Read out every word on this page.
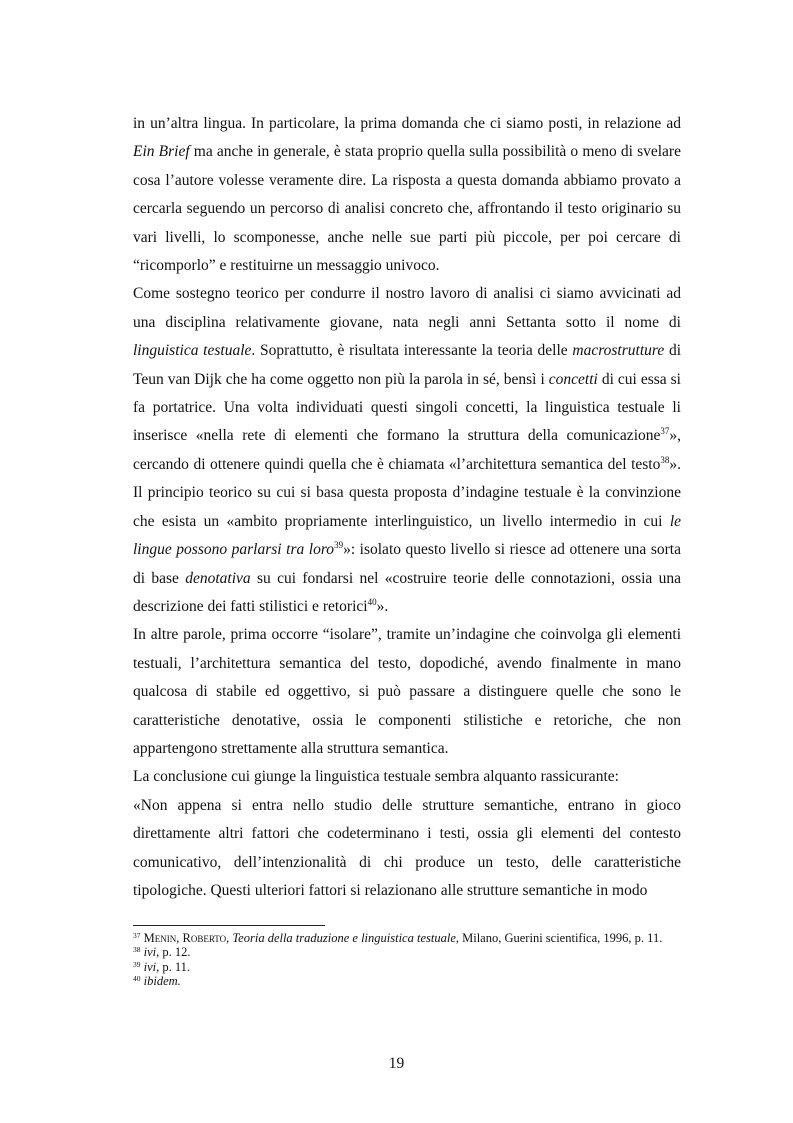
in un’altra lingua. In particolare, la prima domanda che ci siamo posti, in relazione ad Ein Brief ma anche in generale, è stata proprio quella sulla possibilità o meno di svelare cosa l’autore volesse veramente dire. La risposta a questa domanda abbiamo provato a cercarla seguendo un percorso di analisi concreto che, affrontando il testo originario su vari livelli, lo scomponesse, anche nelle sue parti più piccole, per poi cercare di “ricomporlo” e restituirne un messaggio univoco.

Come sostegno teorico per condurre il nostro lavoro di analisi ci siamo avvicinati ad una disciplina relativamente giovane, nata negli anni Settanta sotto il nome di linguistica testuale. Soprattutto, è risultata interessante la teoria delle macrostrutture di Teun van Dijk che ha come oggetto non più la parola in sé, bensì i concetti di cui essa si fa portatrice. Una volta individuati questi singoli concetti, la linguistica testuale li inserisce «nella rete di elementi che formano la struttura della comunicazione$^{37}$», cercando di ottenere quindi quella che è chiamata «l’architettura semantica del testo$^{38}$». Il principio teorico su cui si basa questa proposta d’indagine testuale è la convinzione che esista un «ambito propriamente interlinguistico, un livello intermedio in cui le lingue possono parlarsi tra loro$^{39}$»: isolato questo livello si riesce ad ottenere una sorta di base denotativa su cui fondarsi nel «costruire teorie delle connotazioni, ossia una descrizione dei fatti stilistici e retorici$^{40}$».

In altre parole, prima occorre “isolare”, tramite un’indagine che coinvolga gli elementi testuali, l’architettura semantica del testo, dopodiché, avendo finalmente in mano qualcosa di stabile ed oggettivo, si può passare a distinguere quelle che sono le caratteristiche denotative, ossia le componenti stilistiche e retoriche, che non appartengono strettamente alla struttura semantica.

La conclusione cui giunge la linguistica testuale sembra alquanto rassicurante:

«Non appena si entra nello studio delle strutture semantiche, entrano in gioco direttamente altri fattori che codeterminano i testi, ossia gli elementi del contesto comunicativo, dell’intenzionalità di chi produce un testo, delle caratteristiche tipologiche. Questi ulteriori fattori si relazionano alle strutture semantiche in modo

$^{37}$ Menin, Roberto, Teoria della traduzione e linguistica testuale, Milano, Guerini scientifica, 1996, p. 11.

$^{38}$ ivi, p. 12.

$^{39}$ ivi, p. 11.

$^{40}$ ibidem.

19
